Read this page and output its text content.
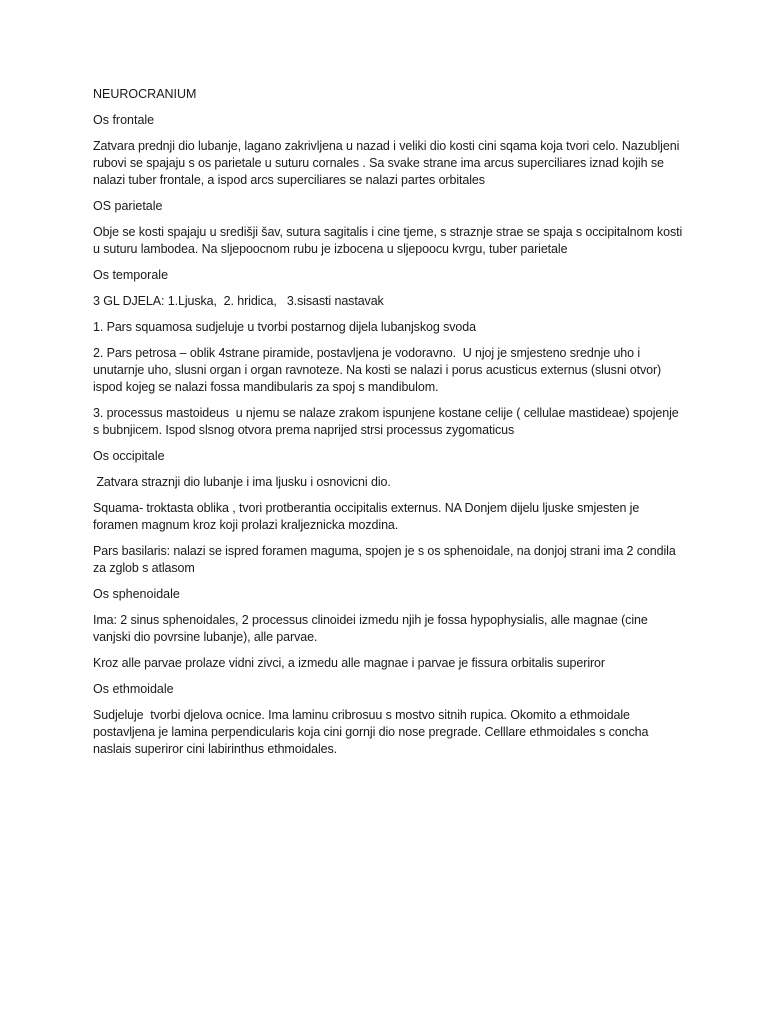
NEUROCRANIUM

Os frontale

Zatvara prednji dio lubanje, lagano zakrivljena u nazad i veliki dio kosti cini sqama koja tvori celo. Nazubljeni rubovi se spajaju s os parietale u suturu cornales . Sa svake strane ima arcus superciliares iznad kojih se nalazi tuber frontale, a ispod arcs superciliares se nalazi partes orbitales

OS parietale

Obje se kosti spajaju u središji šav, sutura sagitalis i cine tjeme, s straznje strae se spaja s occipitalnom kosti u suturu lambodea. Na sljepoocnom rubu je izbocena u sljepoocu kvrgu, tuber parietale

Os temporale

3 GL DJELA: 1.Ljuska,  2. hridica,   3.sisasti nastavak

1. Pars squamosa sudjeluje u tvorbi postarnog dijela lubanjskog svoda

2. Pars petrosa – oblik 4strane piramide, postavljena je vodoravno.  U njoj je smjesteno srednje uho i unutarnje uho, slusni organ i organ ravnoteze. Na kosti se nalazi i porus acusticus externus (slusni otvor) ispod kojeg se nalazi fossa mandibularis za spoj s mandibulom.

3. processus mastoideus  u njemu se nalaze zrakom ispunjene kostane celije ( cellulae mastideae) spojenje s bubnjicem. Ispod slsnog otvora prema naprijed strsi processus zygomaticus

Os occipitale

Zatvara straznji dio lubanje i ima ljusku i osnovicni dio.

Squama- troktasta oblika , tvori protberantia occipitalis externus. NA Donjem dijelu ljuske smjesten je foramen magnum kroz koji prolazi kraljeznicka mozdina.

Pars basilaris: nalazi se ispred foramen maguma, spojen je s os sphenoidale, na donjoj strani ima 2 condila za zglob s atlasom

Os sphenoidale

Ima: 2 sinus sphenoidales, 2 processus clinoidei izmedu njih je fossa hypophysialis, alle magnae (cine vanjski dio povrsine lubanje), alle parvae.

Kroz alle parvae prolaze vidni zivci, a izmedu alle magnae i parvae je fissura orbitalis superiror

Os ethmoidale

Sudjeluje  tvorbi djelova ocnice. Ima laminu cribrosuu s mostvo sitnih rupica. Okomito a ethmoidale postavljena je lamina perpendicularis koja cini gornji dio nose pregrade. Celllare ethmoidales s concha naslais superiror cini labirinthus ethmoidales.
